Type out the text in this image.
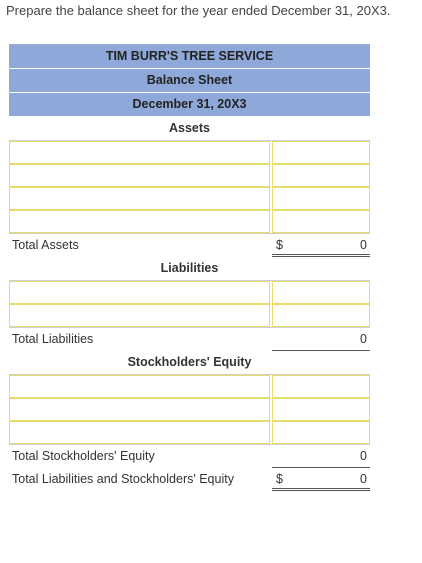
Prepare the balance sheet for the year ended December 31, 20X3.
TIM BURR'S TREE SERVICE
Balance Sheet
December 31, 20X3
Assets
Total Assets	$	0
Liabilities
Total Liabilities	0
Stockholders' Equity
Total Stockholders' Equity	0
Total Liabilities and Stockholders' Equity	$	0
